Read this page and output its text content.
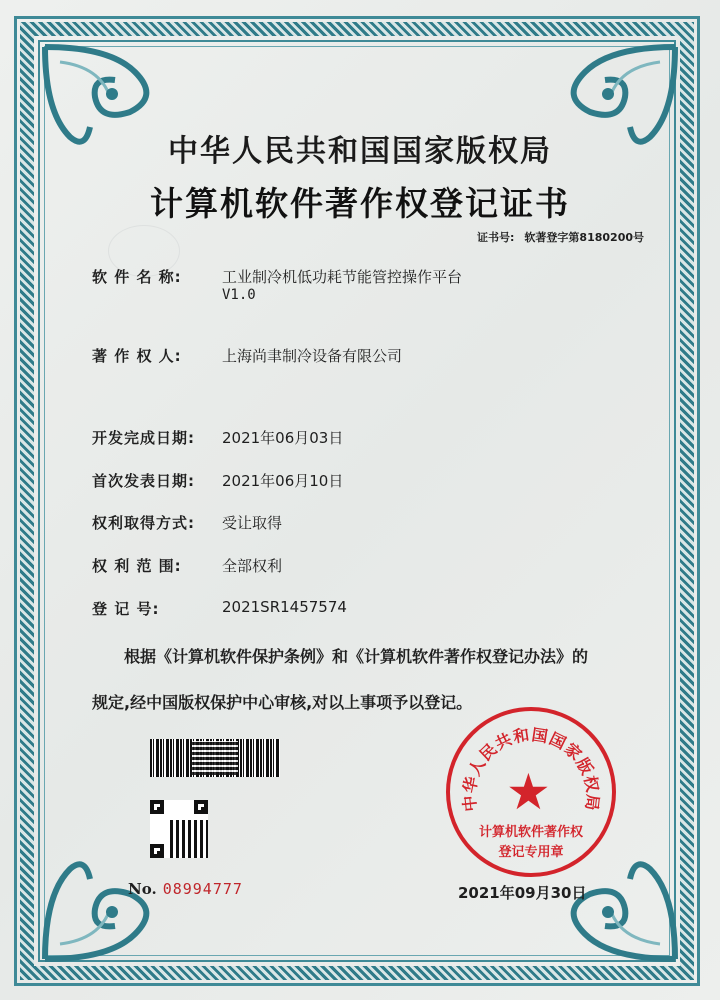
中华人民共和国国家版权局
计算机软件著作权登记证书
证书号: 软著登字第8180200号
软 件 名 称:	工业制冷机低功耗节能管控操作平台
V1.0
著 作 权 人:	上海尚聿制冷设备有限公司
开发完成日期: 2021年06月03日
首次发表日期: 2021年06月10日
权利取得方式: 受让取得
权 利 范 围:	全部权利
登 记 号:	2021SR1457574
根据《计算机软件保护条例》和《计算机软件著作权登记办法》的
规定,经中国版权保护中心审核,对以上事项予以登记。
No. 08994777
中华人民共和国国家版权局
★
计算机软件著作权
登记专用章
2021年09月30日
